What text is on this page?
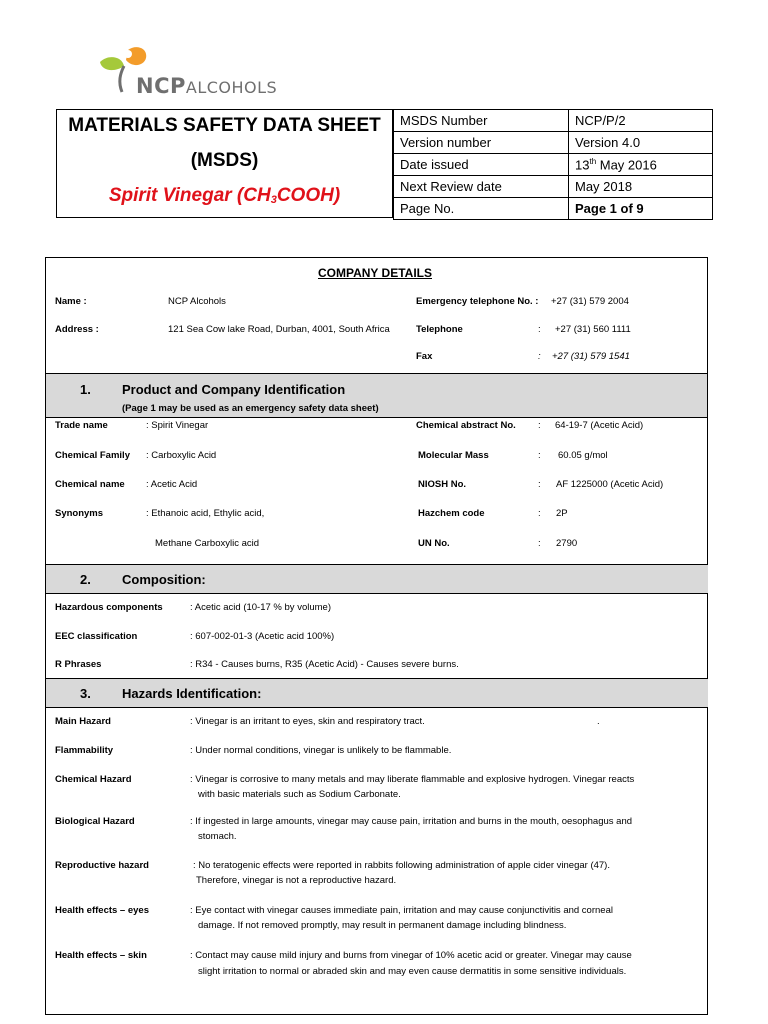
NCPALCOHOLS
MATERIALS SAFETY DATA SHEET
(MSDS)
Spirit Vinegar $(CH_3COOH)$
MSDS Number	NCP/P/2
Version number	Version 4.0
Date issued	13th May 2016
Next Review date	May 2018
Page No.	Page 1 of 9
COMPANY DETAILS
Name :	NCP Alcohols
Address :	121 Sea Cow lake Road, Durban, 4001, South Africa
Emergency telephone No. : +27 (31) 579 2004
Telephone	: +27 (31) 560 1111
Fax	: +27 (31) 579 1541
1. Product and Company Identification
(Page 1 may be used as an emergency safety data sheet)
Trade name	: Spirit Vinegar
Chemical Family : Carboxylic Acid
Chemical name : Acetic Acid
Synonyms	: Ethanoic acid, Ethylic acid,
Methane Carboxylic acid
Chemical abstract No. : 64-19-7 (Acetic Acid)
Molecular Mass	: 60.05 g/mol
NIOSH No.	: AF 1225000 (Acetic Acid)
Hazchem code	: 2P
UN No.	: 2790
2. Composition:
Hazardous components	: Acetic acid (10-17 % by volume)
EEC classification	: 607-002-01-3 (Acetic acid 100%)
R Phrases	: R34 - Causes burns, R35 (Acetic Acid) - Causes severe burns.
3. Hazards Identification:
Main Hazard	: Vinegar is an irritant to eyes, skin and respiratory tract.	.
Flammability	: Under normal conditions, vinegar is unlikely to be flammable.
Chemical Hazard	: Vinegar is corrosive to many metals and may liberate flammable and explosive hydrogen. Vinegar reacts
with basic materials such as Sodium Carbonate.
Biological Hazard	: If ingested in large amounts, vinegar may cause pain, irritation and burns in the mouth, oesophagus and
stomach.
Reproductive hazard	: No teratogenic effects were reported in rabbits following administration of apple cider vinegar (47).
Therefore, vinegar is not a reproductive hazard.
Health effects – eyes	: Eye contact with vinegar causes immediate pain, irritation and may cause conjunctivitis and corneal
damage. If not removed promptly, may result in permanent damage including blindness.
Health effects – skin	: Contact may cause mild injury and burns from vinegar of 10% acetic acid or greater. Vinegar may cause
slight irritation to normal or abraded skin and may even cause dermatitis in some sensitive individuals.
